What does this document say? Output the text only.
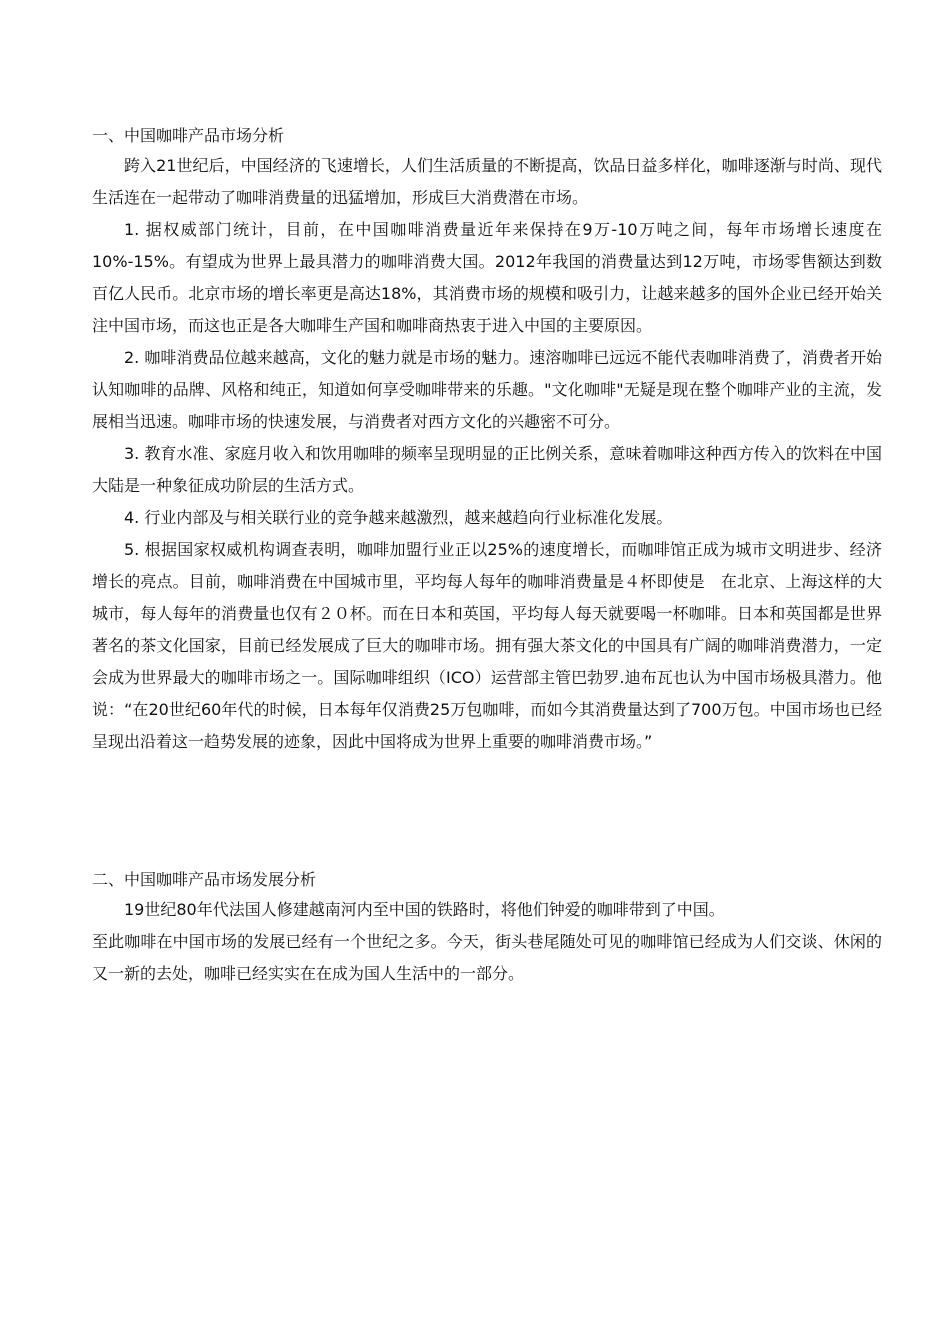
一、中国咖啡产品市场分析

跨入21世纪后，中国经济的飞速增长，人们生活质量的不断提高，饮品日益多样化，咖啡逐渐与时尚、现代生活连在一起带动了咖啡消费量的迅猛增加，形成巨大消费潜在市场。

1. 据权威部门统计，目前，在中国咖啡消费量近年来保持在9万-10万吨之间，每年市场增长速度在　10%-15%。有望成为世界上最具潜力的咖啡消费大国。2012年我国的消费量达到12万吨，市场零售额达到数百亿人民币。北京市场的增长率更是高达18%，其消费市场的规模和吸引力，让越来越多的国外企业已经开始关注中国市场，而这也正是各大咖啡生产国和咖啡商热衷于进入中国的主要原因。

2. 咖啡消费品位越来越高，文化的魅力就是市场的魅力。速溶咖啡已远远不能代表咖啡消费了，消费者开始认知咖啡的品牌、风格和纯正，知道如何享受咖啡带来的乐趣。"文化咖啡"无疑是现在整个咖啡产业的主流，发展相当迅速。咖啡市场的快速发展，与消费者对西方文化的兴趣密不可分。

3. 教育水准、家庭月收入和饮用咖啡的频率呈现明显的正比例关系，意味着咖啡这种西方传入的饮料在中国大陆是一种象征成功阶层的生活方式。

4. 行业内部及与相关联行业的竞争越来越激烈，越来越趋向行业标准化发展。

5. 根据国家权威机构调查表明，咖啡加盟行业正以25%的速度增长，而咖啡馆正成为城市文明进步、经济增长的亮点。目前，咖啡消费在中国城市里，平均每人每年的咖啡消费量是４杯即使是　在北京、上海这样的大城市，每人每年的消费量也仅有２０杯。而在日本和英国，平均每人每天就要喝一杯咖啡。日本和英国都是世界著名的茶文化国家，目前已经发展成了巨大的咖啡市场。拥有强大茶文化的中国具有广阔的咖啡消费潜力，一定会成为世界最大的咖啡市场之一。国际咖啡组织（ICO）运营部主管巴勃罗.迪布瓦也认为中国市场极具潜力。他说：“在20世纪60年代的时候，日本每年仅消费25万包咖啡，而如今其消费量达到了700万包。中国市场也已经呈现出沿着这一趋势发展的迹象，因此中国将成为世界上重要的咖啡消费市场。”

二、中国咖啡产品市场发展分析

19世纪80年代法国人修建越南河内至中国的铁路时，将他们钟爱的咖啡带到了中国。

至此咖啡在中国市场的发展已经有一个世纪之多。今天，街头巷尾随处可见的咖啡馆已经成为人们交谈、休闲的又一新的去处，咖啡已经实实在在成为国人生活中的一部分。
